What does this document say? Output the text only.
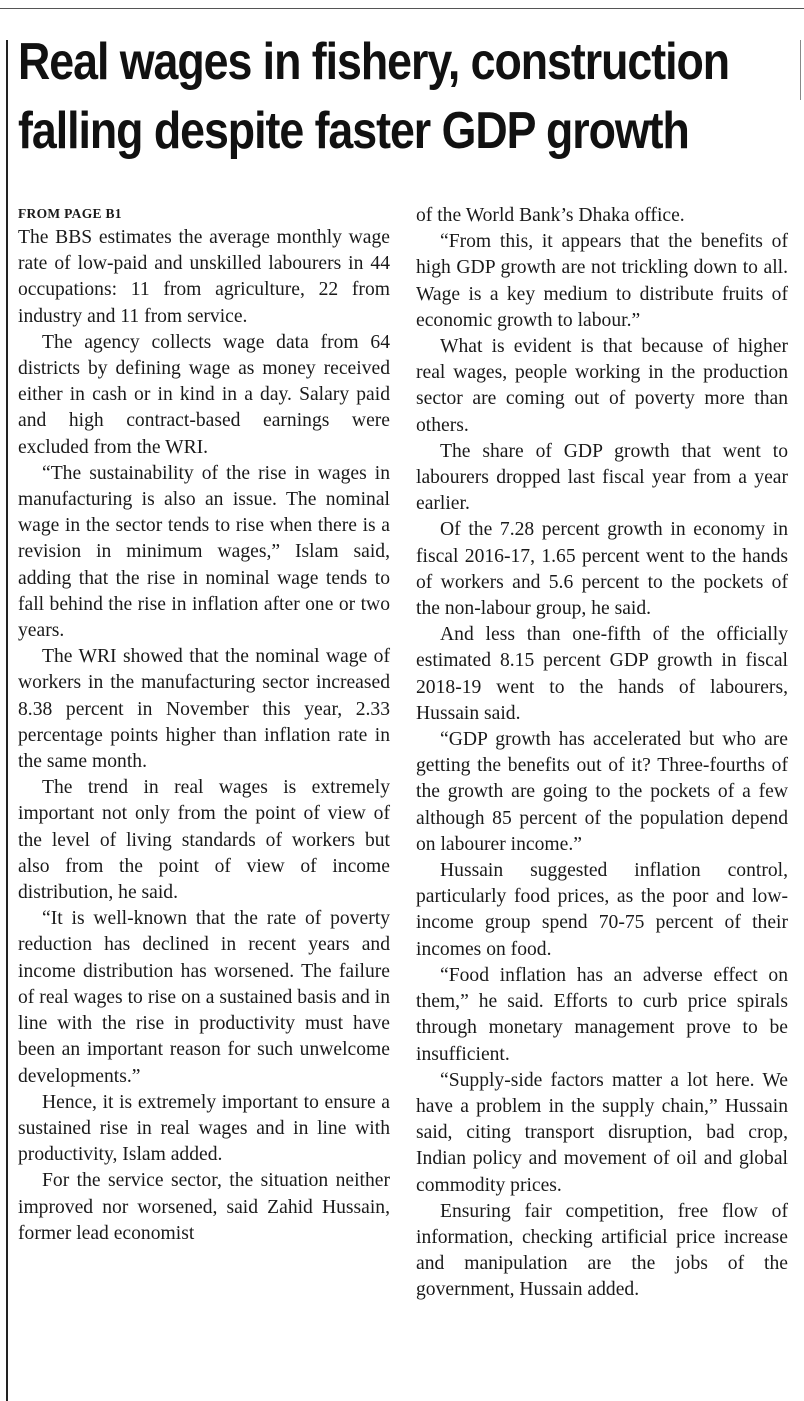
Real wages in fishery, construction
falling despite faster GDP growth

FROM PAGE B1

The BBS estimates the average monthly wage rate of low-paid and unskilled labourers in 44 occupations: 11 from agriculture, 22 from industry and 11 from service.

The agency collects wage data from 64 districts by defining wage as money received either in cash or in kind in a day. Salary paid and high contract-based earnings were excluded from the WRI.

“The sustainability of the rise in wages in manufacturing is also an issue. The nominal wage in the sector tends to rise when there is a revision in minimum wages,” Islam said, adding that the rise in nominal wage tends to fall behind the rise in inflation after one or two years.

The WRI showed that the nominal wage of workers in the manufacturing sector increased 8.38 percent in November this year, 2.33 percentage points higher than inflation rate in the same month.

The trend in real wages is extremely important not only from the point of view of the level of living standards of workers but also from the point of view of income distribution, he said.

“It is well-known that the rate of poverty reduction has declined in recent years and income distribution has worsened. The failure of real wages to rise on a sustained basis and in line with the rise in productivity must have been an important reason for such unwelcome developments.”

Hence, it is extremely important to ensure a sustained rise in real wages and in line with productivity, Islam added.

For the service sector, the situation neither improved nor worsened, said Zahid Hussain, former lead economist

of the World Bank’s Dhaka office.

“From this, it appears that the benefits of high GDP growth are not trickling down to all. Wage is a key medium to distribute fruits of economic growth to labour.”

What is evident is that because of higher real wages, people working in the production sector are coming out of poverty more than others.

The share of GDP growth that went to labourers dropped last fiscal year from a year earlier.

Of the 7.28 percent growth in economy in fiscal 2016-17, 1.65 percent went to the hands of workers and 5.6 percent to the pockets of the non-labour group, he said.

And less than one-fifth of the officially estimated 8.15 percent GDP growth in fiscal 2018-19 went to the hands of labourers, Hussain said.

“GDP growth has accelerated but who are getting the benefits out of it? Three-fourths of the growth are going to the pockets of a few although 85 percent of the population depend on labourer income.”

Hussain suggested inflation control, particularly food prices, as the poor and low-income group spend 70-75 percent of their incomes on food.

“Food inflation has an adverse effect on them,” he said. Efforts to curb price spirals through monetary management prove to be insufficient.

“Supply-side factors matter a lot here. We have a problem in the supply chain,” Hussain said, citing transport disruption, bad crop, Indian policy and movement of oil and global commodity prices.

Ensuring fair competition, free flow of information, checking artificial price increase and manipulation are the jobs of the government, Hussain added.
